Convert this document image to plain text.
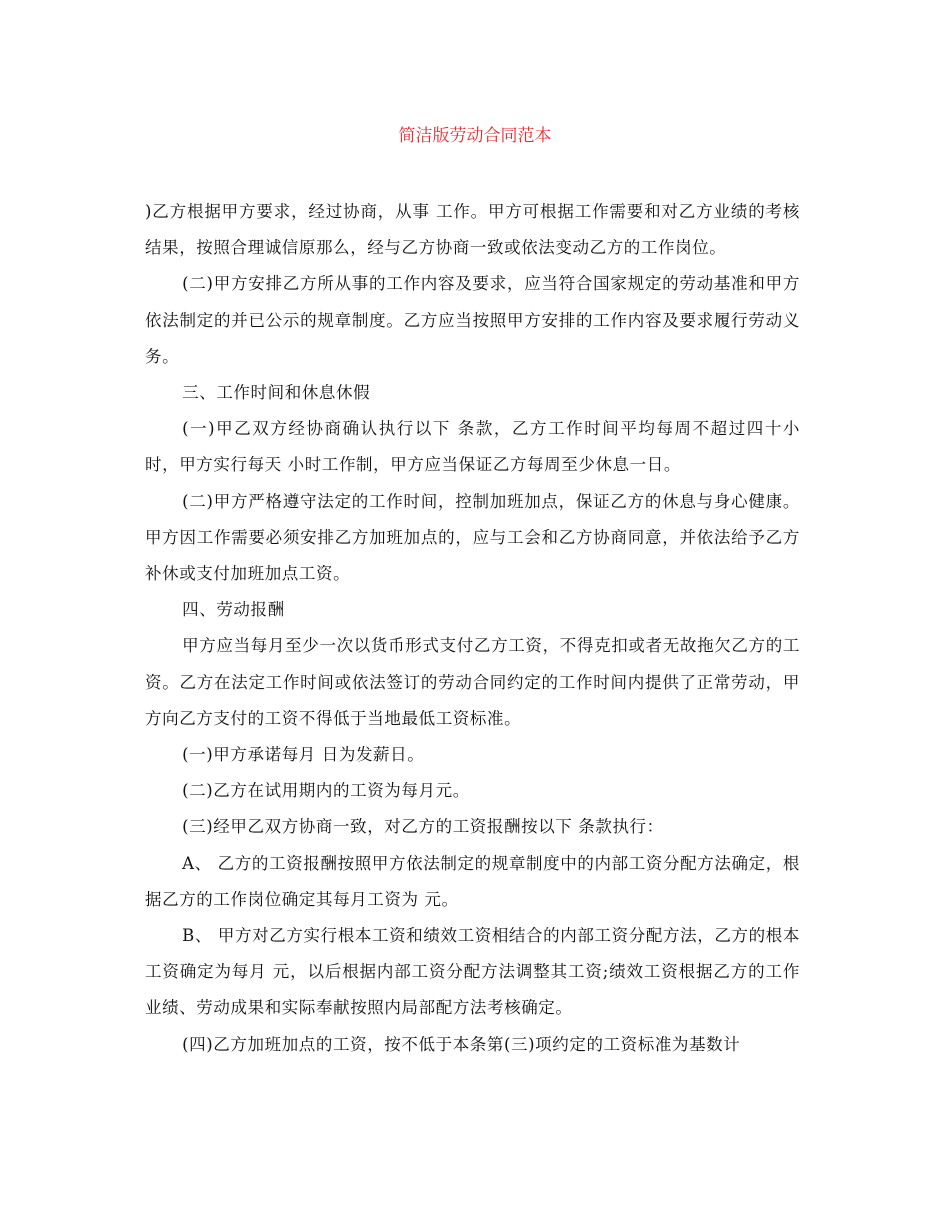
简洁版劳动合同范本

)乙方根据甲方要求，经过协商，从事 工作。甲方可根据工作需要和对乙方业绩的考核结果，按照合理诚信原那么，经与乙方协商一致或依法变动乙方的工作岗位。

(二)甲方安排乙方所从事的工作内容及要求，应当符合国家规定的劳动基准和甲方依法制定的并已公示的规章制度。乙方应当按照甲方安排的工作内容及要求履行劳动义务。

三、工作时间和休息休假

(一)甲乙双方经协商确认执行以下 条款，乙方工作时间平均每周不超过四十小时，甲方实行每天 小时工作制，甲方应当保证乙方每周至少休息一日。

(二)甲方严格遵守法定的工作时间，控制加班加点，保证乙方的休息与身心健康。甲方因工作需要必须安排乙方加班加点的，应与工会和乙方协商同意，并依法给予乙方补休或支付加班加点工资。

四、劳动报酬

甲方应当每月至少一次以货币形式支付乙方工资，不得克扣或者无故拖欠乙方的工资。乙方在法定工作时间或依法签订的劳动合同约定的工作时间内提供了正常劳动，甲方向乙方支付的工资不得低于当地最低工资标准。

(一)甲方承诺每月 日为发薪日。

(二)乙方在试用期内的工资为每月元。

(三)经甲乙双方协商一致，对乙方的工资报酬按以下 条款执行：

A、 乙方的工资报酬按照甲方依法制定的规章制度中的内部工资分配方法确定，根据乙方的工作岗位确定其每月工资为 元。

B、 甲方对乙方实行根本工资和绩效工资相结合的内部工资分配方法，乙方的根本工资确定为每月 元，以后根据内部工资分配方法调整其工资;绩效工资根据乙方的工作业绩、劳动成果和实际奉献按照内局部配方法考核确定。

(四)乙方加班加点的工资，按不低于本条第(三)项约定的工资标准为基数计
